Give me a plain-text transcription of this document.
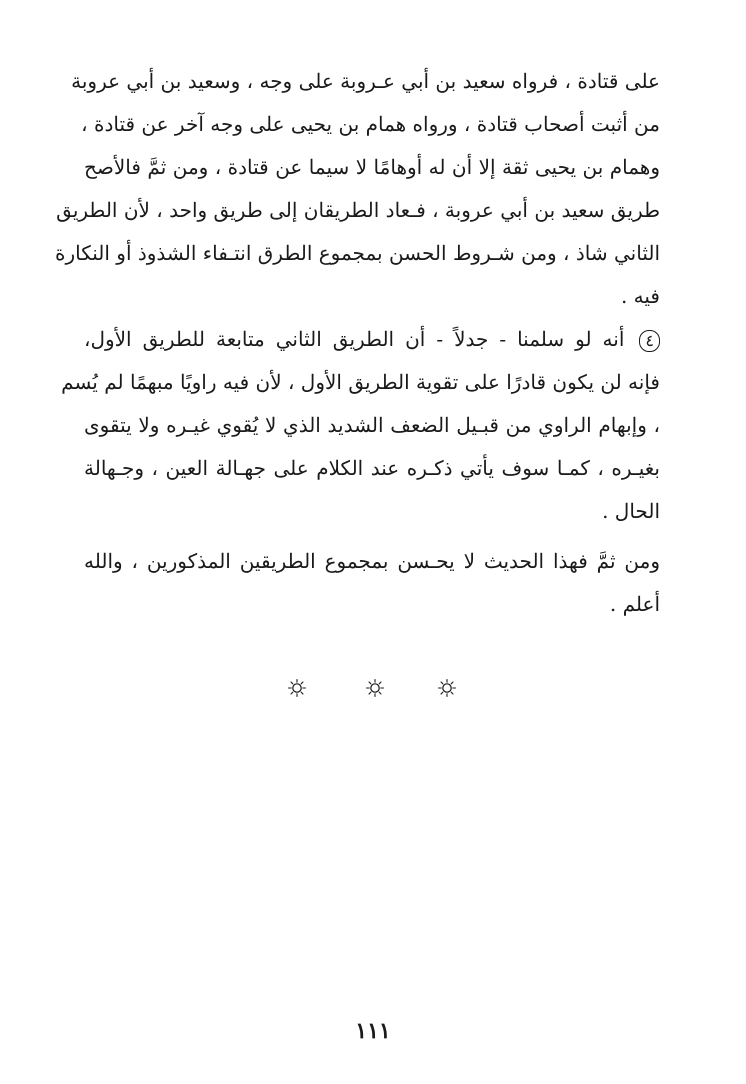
على قتادة ، فرواه سعيد بن أبي عـروبة على وجه ، وسعيد بن أبي عروبة
من أثبت أصحاب قتادة ، ورواه همام بن يحيى على وجه آخر عن قتادة ،
وهمام بن يحيى ثقة إلا أن له أوهامًا لا سيما عن قتادة ، ومن ثمَّ فالأصح
طريق سعيد بن أبي عروبة ، فـعاد الطريقان إلى طريق واحد ، لأن الطريق
الثاني شاذ ، ومن شـروط الحسن بمجموع الطرق انتـفاء الشذوذ أو النكارة
فيه .
٤ أنه لو سلمنا - جدلاً - أن الطريق الثاني متابعة للطريق الأول،
فإنه لن يكون قادرًا على تقوية الطريق الأول ، لأن فيه راويًا مبهمًا لم يُسم
، وإبهام الراوي من قبـيل الضعف الشديد الذي لا يُقوي غيـره ولا يتقوى
بغيـره ، كمـا سوف يأتي ذكـره عند الكلام على جهـالة العين ، وجـهالة
الحال .
ومن ثمَّ فهذا الحديث لا يحـسن بمجموع الطريقين المذكورين ، والله
أعلم .
١١١
